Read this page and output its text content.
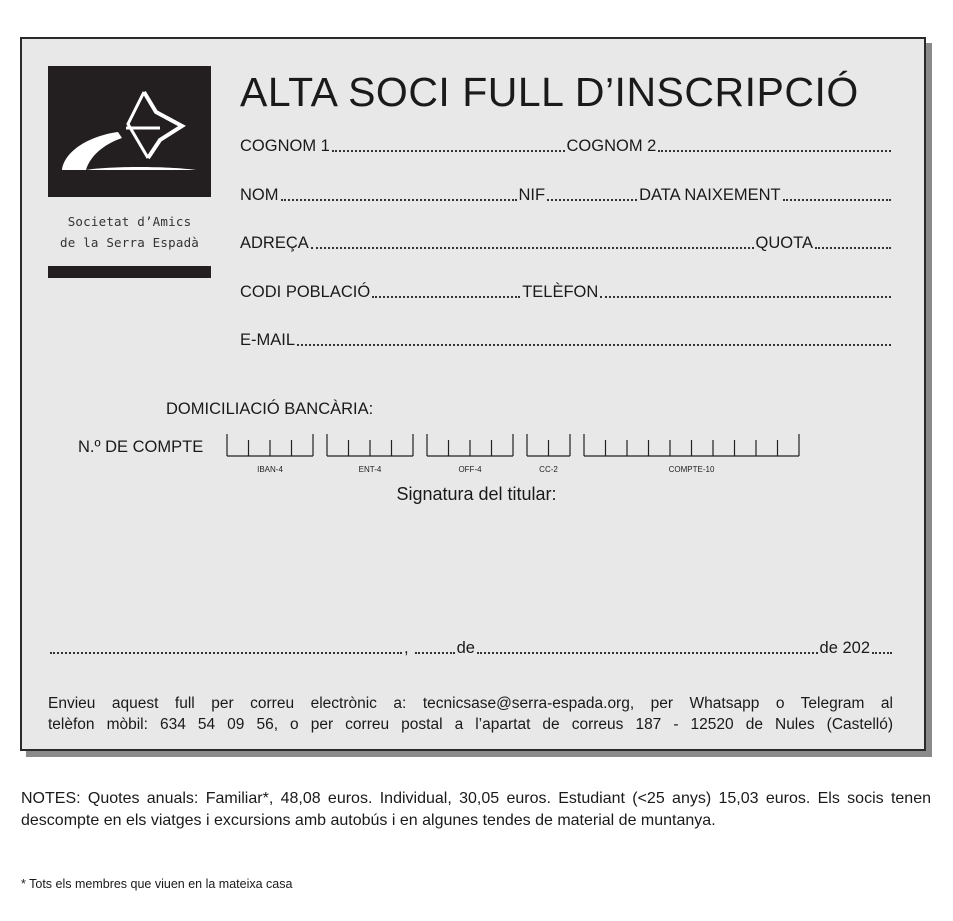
Societat d’Amics
de la Serra Espadà
ALTA SOCI FULL D’INSCRIPCIÓ
COGNOM 1	COGNOM 2
NOM	NIF	DATA NAIXEMENT
ADREÇA	QUOTA
CODI POBLACIÓ	TELÈFON
E-MAIL
DOMICILIACIÓ BANCÀRIA:
N.º DE COMPTE
IBAN-4	ENT-4	OFF-4	CC-2	COMPTE-10
Signatura del titular:
,	de	de 202
Envieu aquest full per correu electrònic a: tecnicsase@serra-espada.org, per Whatsapp o Telegram al
telèfon mòbil: 634 54 09 56, o per correu postal a l’apartat de correus 187 - 12520 de Nules (Castelló)
NOTES: Quotes anuals: Familiar*, 48,08 euros. Individual, 30,05 euros. Estudiant (<25 anys) 15,03 euros. Els socis tenen descompte en els viatges i excursions amb autobús i en algunes tendes de material de muntanya.
* Tots els membres que viuen en la mateixa casa
